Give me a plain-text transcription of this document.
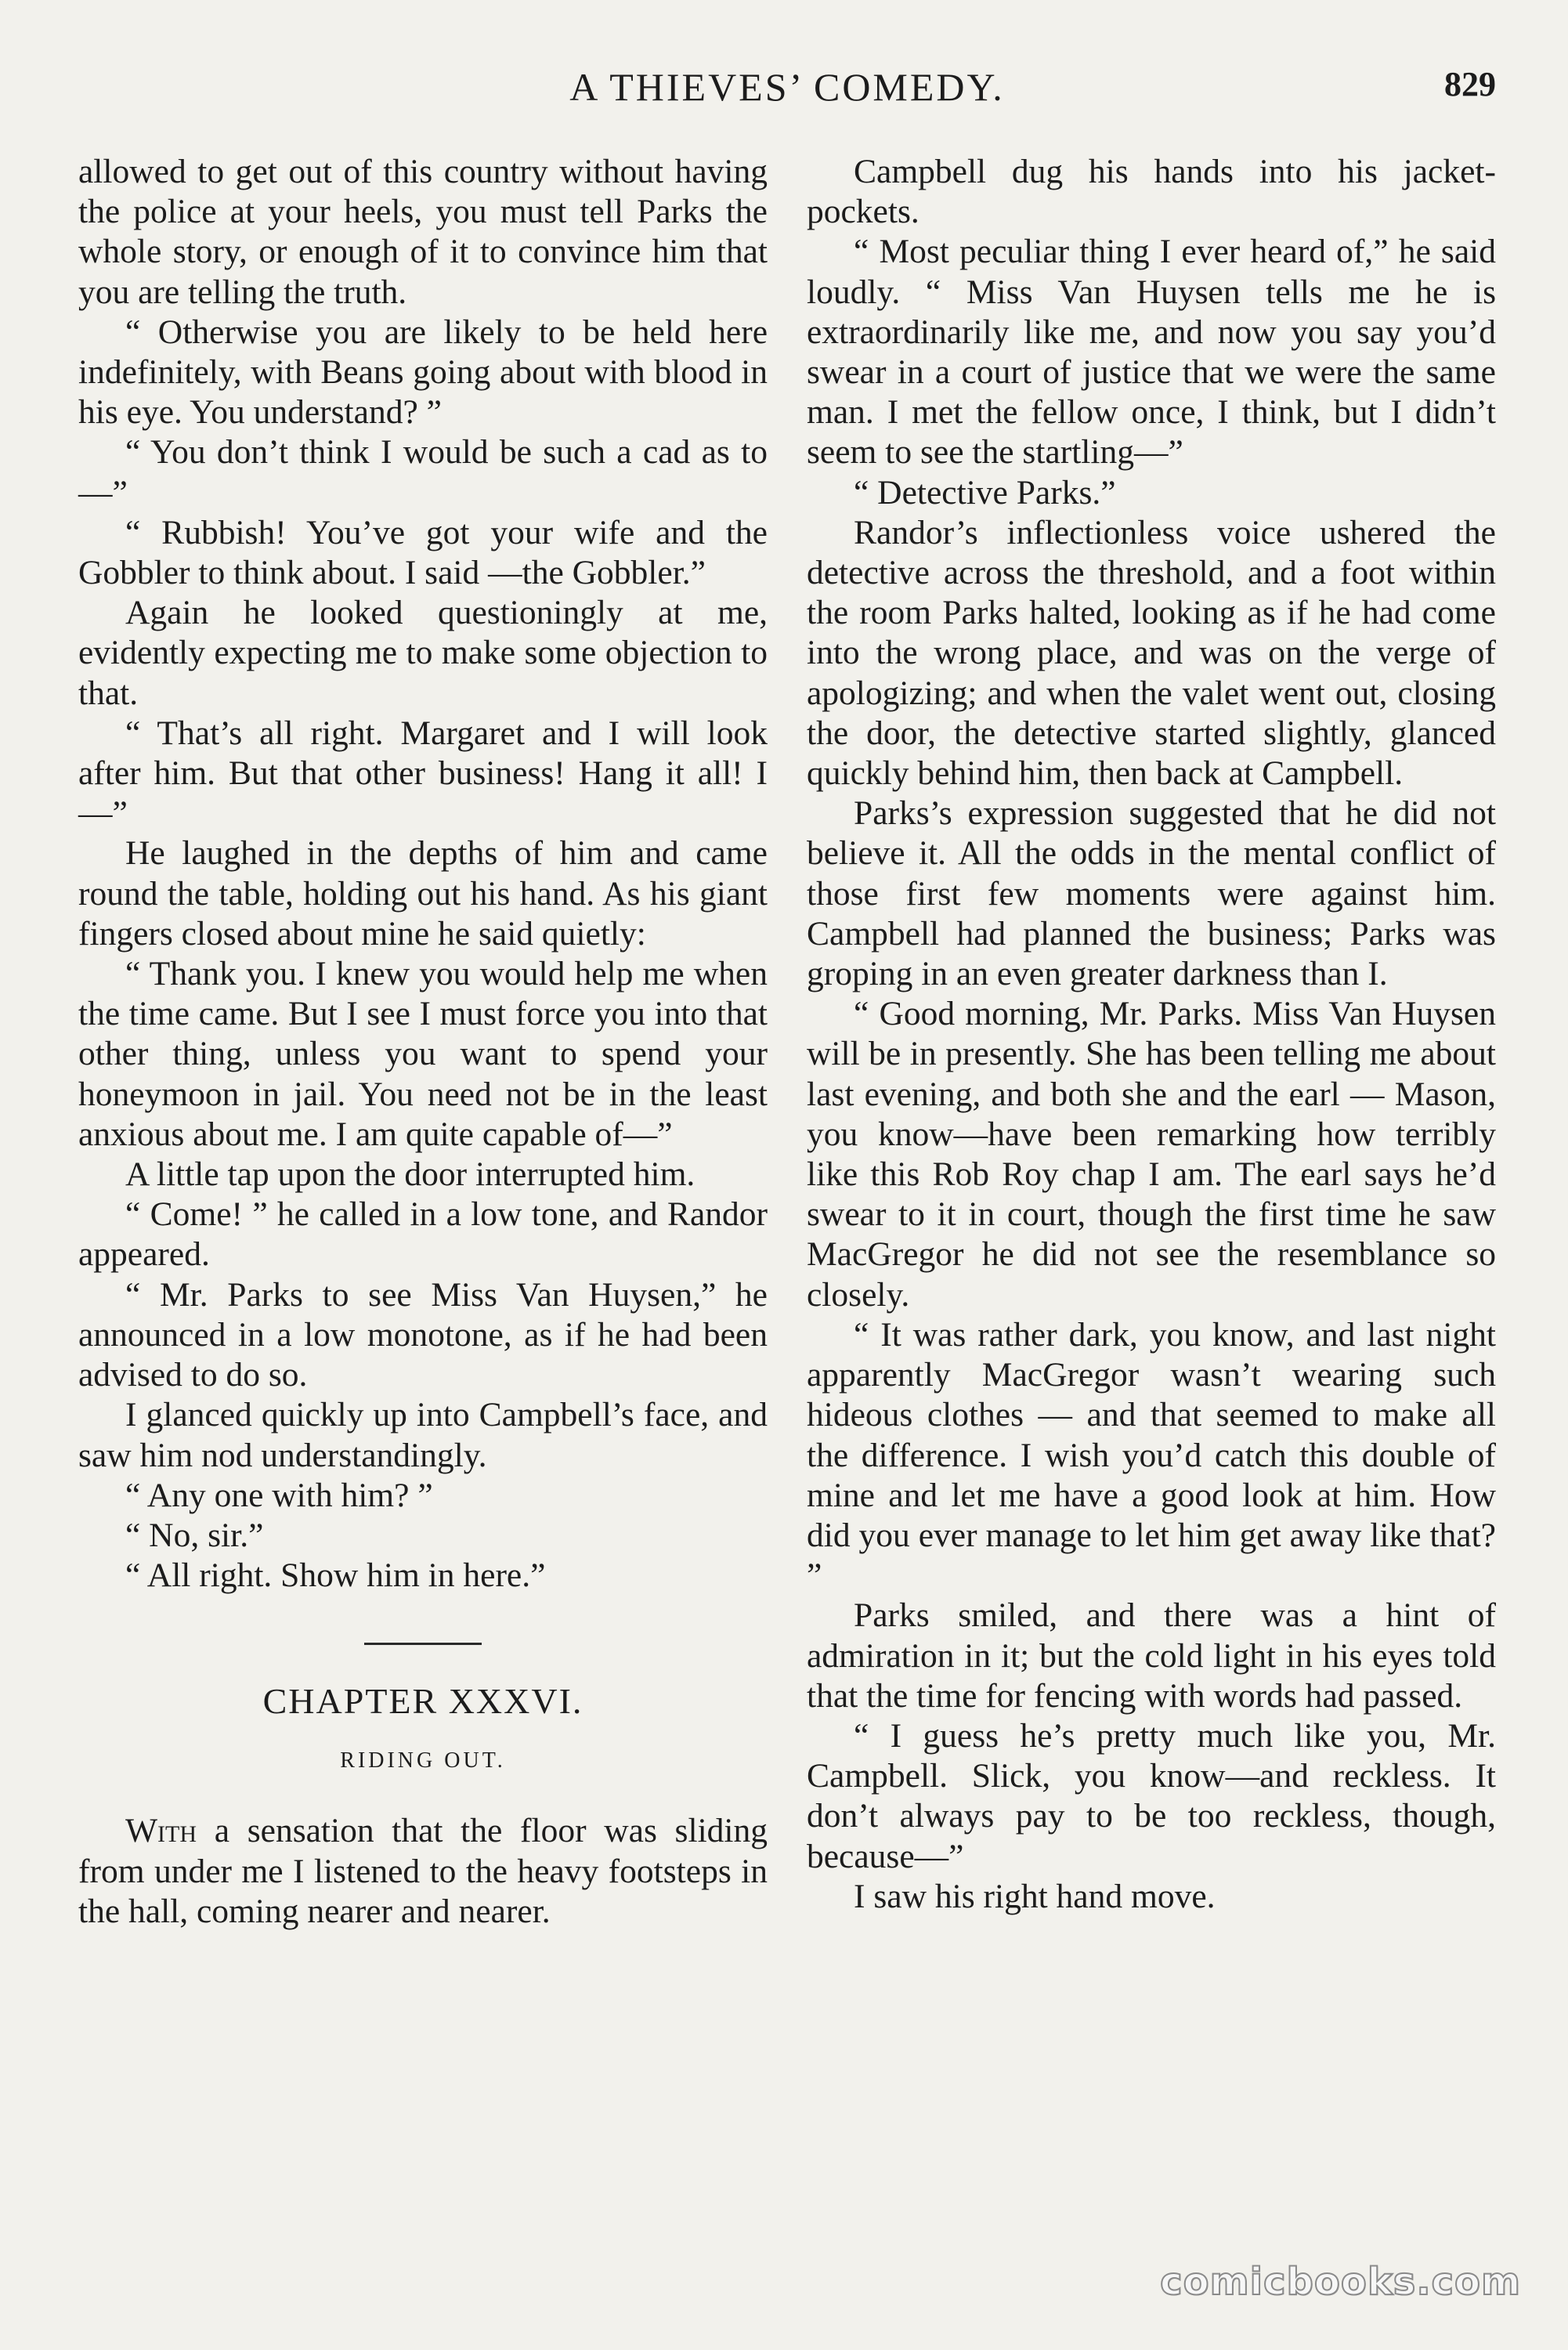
A THIEVES’ COMEDY.	829

allowed to get out of this country without having the police at your heels, you must tell Parks the whole story, or enough of it to convince him that you are telling the truth.

“ Otherwise you are likely to be held here indefinitely, with Beans going about with blood in his eye. You understand? ”

“ You don’t think I would be such a cad as to—”

“ Rubbish! You’ve got your wife and the Gobbler to think about. I said —the Gobbler.”

Again he looked questioningly at me, evidently expecting me to make some objection to that.

“ That’s all right. Margaret and I will look after him. But that other business! Hang it all! I—”

He laughed in the depths of him and came round the table, holding out his hand. As his giant fingers closed about mine he said quietly:

“ Thank you. I knew you would help me when the time came. But I see I must force you into that other thing, unless you want to spend your honeymoon in jail. You need not be in the least anxious about me. I am quite capable of—”

A little tap upon the door interrupted him.

“ Come! ” he called in a low tone, and Randor appeared.

“ Mr. Parks to see Miss Van Huysen,” he announced in a low monotone, as if he had been advised to do so.

I glanced quickly up into Campbell’s face, and saw him nod understandingly.

“ Any one with him? ”

“ No, sir.”

“ All right. Show him in here.”

CHAPTER XXXVI.
RIDING OUT.

With a sensation that the floor was sliding from under me I listened to the heavy footsteps in the hall, coming nearer and nearer.

Campbell dug his hands into his jacket-pockets.

“ Most peculiar thing I ever heard of,” he said loudly. “ Miss Van Huysen tells me he is extraordinarily like me, and now you say you’d swear in a court of justice that we were the same man. I met the fellow once, I think, but I didn’t seem to see the startling—”

“ Detective Parks.”

Randor’s inflectionless voice ushered the detective across the threshold, and a foot within the room Parks halted, looking as if he had come into the wrong place, and was on the verge of apologizing; and when the valet went out, closing the door, the detective started slightly, glanced quickly behind him, then back at Campbell.

Parks’s expression suggested that he did not believe it. All the odds in the mental conflict of those first few moments were against him. Campbell had planned the business; Parks was groping in an even greater darkness than I.

“ Good morning, Mr. Parks. Miss Van Huysen will be in presently. She has been telling me about last evening, and both she and the earl — Mason, you know—have been remarking how terribly like this Rob Roy chap I am. The earl says he’d swear to it in court, though the first time he saw MacGregor he did not see the resemblance so closely.

“ It was rather dark, you know, and last night apparently MacGregor wasn’t wearing such hideous clothes — and that seemed to make all the difference. I wish you’d catch this double of mine and let me have a good look at him. How did you ever manage to let him get away like that? ”

Parks smiled, and there was a hint of admiration in it; but the cold light in his eyes told that the time for fencing with words had passed.

“ I guess he’s pretty much like you, Mr. Campbell. Slick, you know—and reckless. It don’t always pay to be too reckless, though, because—”

I saw his right hand move.

comicbooks.com
